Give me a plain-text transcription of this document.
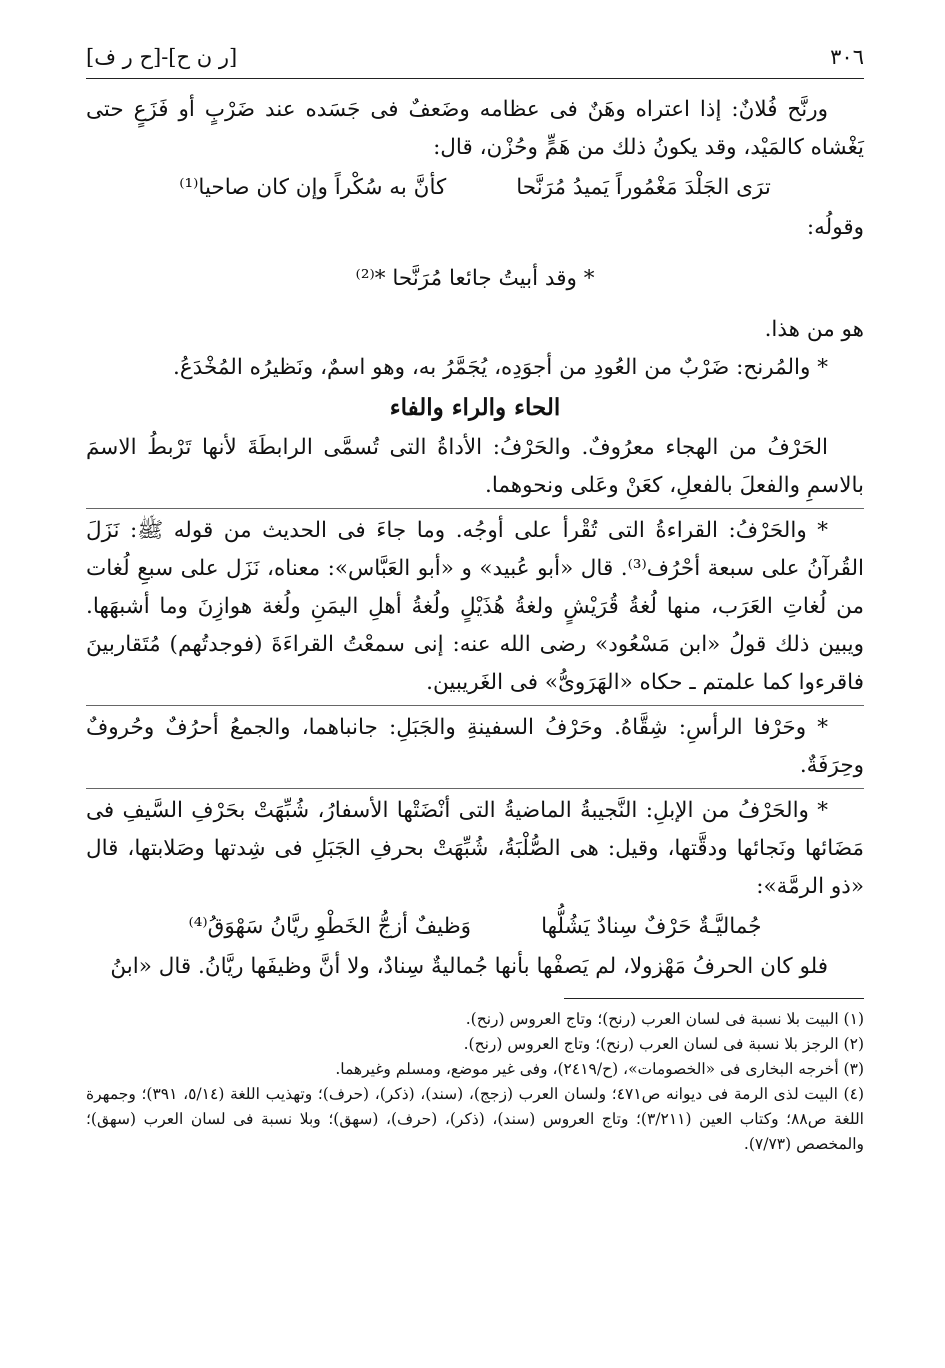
٣٠٦
[ر ن ح]-[ح ر ف]

ورنَّح فُلانٌ: إذا اعتراه وهَنٌ فى عظامه وضَعفٌ فى جَسَده عند ضَرْبٍ أو فَزَعٍ حتى يَغْشاه كالمَيْد، وقد يكونُ ذلك من هَمٍّ وحُزْن، قال:

ترَى الجَلْدَ مَغْمُوراً يَميدُ مُرَنَّحا
كأنَّ به سُكْراً وإن كان صاحيا⁽¹⁾

وقولُه:

* وقد أبيتُ جائعا مُرَنَّحا *⁽²⁾

هو من هذا.

* والمُرنح: ضَرْبٌ من العُودِ من أجوَدِه، يُجَمَّرُ به، وهو اسمٌ، ونَظيرُه المُخْدَعُ.

الحاء والراء والفاء

الحَرْفُ من الهجاء معرُوفٌ. والحَرْفُ: الأداةُ التى تُسمَّى الرابطَةَ لأنها تَرْبطُ الاسمَ بالاسمِ والفعلَ بالفعلِ، كعَنْ وعَلى ونحوهما.

* والحَرْفُ: القراءةُ التى تُقْرأ على أوجُه. وما جاءَ فى الحديث من قوله ﷺ: نَزَلَ القُرآنُ على سبعة أحْرُف⁽³⁾. قال «أبو عُبيد» و «أبو العَبَّاس»: معناه، نَزَل على سبعِ لُغات من لُغاتِ العَرَب، منها لُغةُ قُرَيْشٍ ولغةُ هُذَيْلٍ ولُغةُ أهلِ اليمَنِ ولُغة هوازِنَ وما أشبهَها. ويبين ذلك قولُ «ابن مَسْعُود» رضى الله عنه: إنى سمعْتُ القراءَةَ (فوجدتُهم) مُتَقاربينَ فاقرءوا كما علمتم ـ حكاه «الهَرَوىُّ» فى الغَريبين.

* وحَرْفا الرأسِ: شِقَّاهُ. وحَرْفُ السفينةِ والجَبَلِ: جانباهما، والجمعُ أحرُفٌ وحُروفٌ وحِرَفَةٌ.

* والحَرْفُ من الإبلِ: النَّجيبةُ الماضيةُ التى أنْضَتْها الأسفارُ، شُبِّهَتْ بحَرْفِ السَّيفِ فى مَضَائها ونَجائها ودقَّتها، وقيل: هى الصُّلْبَةُ، شُبِّهَتْ بحرفِ الجَبَلِ فى شِدتها وصَلابتها، قال «ذو الرمَّة»:

جُماليَّـةٌ حَرْفٌ سِنادٌ يَشُلُّها
وَظيفٌ أزجُّ الخَطْوِ ريَّانُ سَهْوَقُ⁽⁴⁾

فلو كان الحرفُ مَهْزولا، لم يَصفْها بأنها جُماليةٌ سِنادٌ، ولا أنَّ وظيفَها ريَّانُ. قال «ابنُ

(١) البيت بلا نسبة فى لسان العرب (رنح)؛ وتاج العروس (رنح).

(٢) الرجز بلا نسبة فى لسان العرب (رنح)؛ وتاج العروس (رنح).

(٣) أخرجه البخارى فى «الخصومات»، (ح/٢٤١٩)، وفى غير موضع، ومسلم وغيرهما.

(٤) البيت لذى الرمة فى ديوانه ص٤٧١؛ ولسان العرب (زجج)، (سند)، (ذكر)، (حرف)؛ وتهذيب اللغة (٥/١٤، ٣٩١)؛ وجمهرة اللغة ص٨٨؛ وكتاب العين (٣/٢١١)؛ وتاج العروس (سند)، (ذكر)، (حرف)، (سهق)؛ وبلا نسبة فى لسان العرب (سهق)؛ والمخصص (٧/٧٣).
